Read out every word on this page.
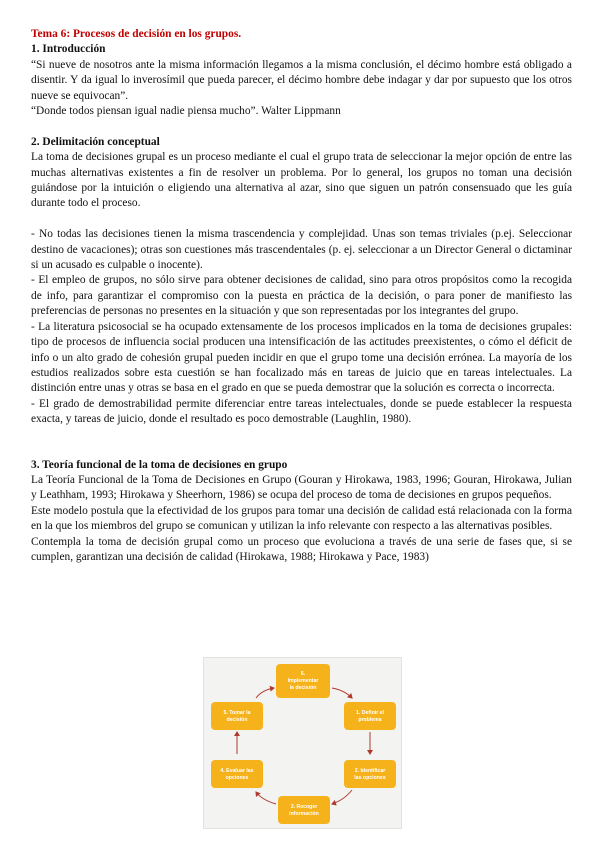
Tema 6: Procesos de decisión en los grupos.

1. Introducción

“Si nueve de nosotros ante la misma información llegamos a la misma conclusión, el décimo hombre está obligado a disentir. Y da igual lo inverosímil que pueda parecer, el décimo hombre debe indagar y dar por supuesto que los otros nueve se equivocan”.

“Donde todos piensan igual nadie piensa mucho”. Walter Lippmann

2. Delimitación conceptual

La toma de decisiones grupal es un proceso mediante el cual el grupo trata de seleccionar la mejor opción de entre las muchas alternativas existentes a fin de resolver un problema. Por lo general, los grupos no toman una decisión guiándose por la intuición o eligiendo una alternativa al azar, sino que siguen un patrón consensuado que les guía durante todo el proceso.

- No todas las decisiones tienen la misma trascendencia y complejidad. Unas son temas triviales (p.ej. Seleccionar destino de vacaciones); otras son cuestiones más trascendentales (p. ej. seleccionar a un Director General o dictaminar si un acusado es culpable o inocente).

- El empleo de grupos, no sólo sirve para obtener decisiones de calidad, sino para otros propósitos como la recogida de info, para garantizar el compromiso con la puesta en práctica de la decisión, o para poner de manifiesto las preferencias de personas no presentes en la situación y que son representadas por los integrantes del grupo.

- La literatura psicosocial se ha ocupado extensamente de los procesos implicados en la toma de decisiones grupales: tipo de procesos de influencia social producen una intensificación de las actitudes preexistentes, o cómo el déficit de info o un alto grado de cohesión grupal pueden incidir en que el grupo tome una decisión errónea. La mayoría de los estudios realizados sobre esta cuestión se han focalizado más en tareas de juicio que en tareas intelectuales. La distinción entre unas y otras se basa en el grado en que se pueda demostrar que la solución es correcta o incorrecta.

- El grado de demostrabilidad permite diferenciar entre tareas intelectuales, donde se puede establecer la respuesta exacta, y tareas de juicio, donde el resultado es poco demostrable (Laughlin, 1980).

3. Teoría funcional de la toma de decisiones en grupo

La Teoría Funcional de la Toma de Decisiones en Grupo (Gouran y Hirokawa, 1983, 1996; Gouran, Hirokawa, Julian y Leathham, 1993; Hirokawa y Sheerhorn, 1986) se ocupa del proceso de toma de decisiones en grupos pequeños.

Este modelo postula que la efectividad de los grupos para tomar una decisión de calidad está relacionada con la forma en la que los miembros del grupo se comunican y utilizan la info relevante con respecto a las alternativas posibles.

Contempla la toma de decisión grupal como un proceso que evoluciona a través de una serie de fases que, si se cumplen, garantizan una decisión de calidad (Hirokawa, 1988; Hirokawa y Pace, 1983)

6.
Implementar
la decisión
1. Definir el
problema
2. Identificar
las opciones
3. Recoger
información
4. Evaluar las
opciones
5. Tomar la
decisión
